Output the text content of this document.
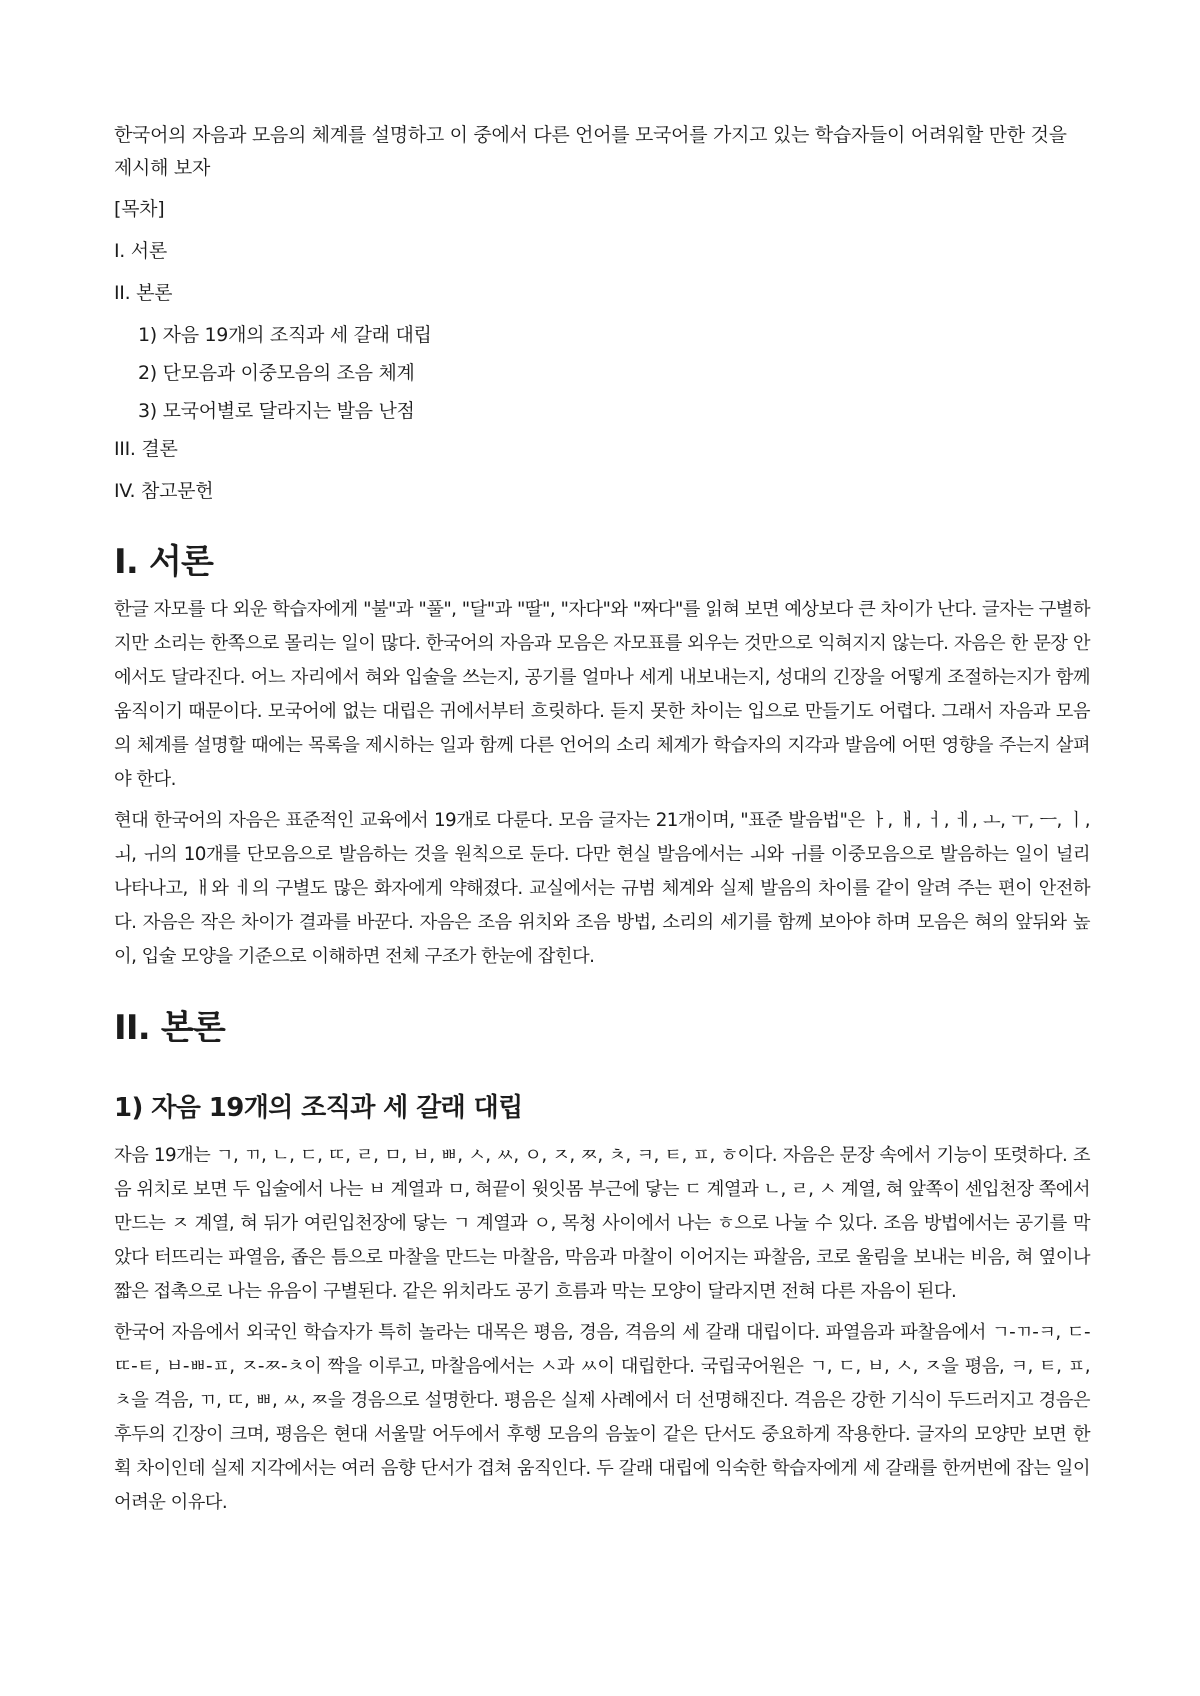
한국어의 자음과 모음의 체계를 설명하고 이 중에서 다른 언어를 모국어를 가지고 있는 학습자들이 어려워할 만한 것을 제시해 보자

[목차]

I. 서론

II. 본론

1) 자음 19개의 조직과 세 갈래 대립

2) 단모음과 이중모음의 조음 체계

3) 모국어별로 달라지는 발음 난점

III. 결론

IV. 참고문헌

I. 서론

한글 자모를 다 외운 학습자에게 "불"과 "풀", "달"과 "딸", "자다"와 "짜다"를 읽혀 보면 예상보다 큰 차이가 난다. 글자는 구별하지만 소리는 한쪽으로 몰리는 일이 많다. 한국어의 자음과 모음은 자모표를 외우는 것만으로 익혀지지 않는다. 자음은 한 문장 안에서도 달라진다. 어느 자리에서 혀와 입술을 쓰는지, 공기를 얼마나 세게 내보내는지, 성대의 긴장을 어떻게 조절하는지가 함께 움직이기 때문이다. 모국어에 없는 대립은 귀에서부터 흐릿하다. 듣지 못한 차이는 입으로 만들기도 어렵다. 그래서 자음과 모음의 체계를 설명할 때에는 목록을 제시하는 일과 함께 다른 언어의 소리 체계가 학습자의 지각과 발음에 어떤 영향을 주는지 살펴야 한다.

현대 한국어의 자음은 표준적인 교육에서 19개로 다룬다. 모음 글자는 21개이며, "표준 발음법"은 ㅏ, ㅐ, ㅓ, ㅔ, ㅗ, ㅜ, ㅡ, ㅣ, ㅚ, ㅟ의 10개를 단모음으로 발음하는 것을 원칙으로 둔다. 다만 현실 발음에서는 ㅚ와 ㅟ를 이중모음으로 발음하는 일이 널리 나타나고, ㅐ와 ㅔ의 구별도 많은 화자에게 약해졌다. 교실에서는 규범 체계와 실제 발음의 차이를 같이 알려 주는 편이 안전하다. 자음은 작은 차이가 결과를 바꾼다. 자음은 조음 위치와 조음 방법, 소리의 세기를 함께 보아야 하며 모음은 혀의 앞뒤와 높이, 입술 모양을 기준으로 이해하면 전체 구조가 한눈에 잡힌다.

II. 본론
1) 자음 19개의 조직과 세 갈래 대립

자음 19개는 ㄱ, ㄲ, ㄴ, ㄷ, ㄸ, ㄹ, ㅁ, ㅂ, ㅃ, ㅅ, ㅆ, ㅇ, ㅈ, ㅉ, ㅊ, ㅋ, ㅌ, ㅍ, ㅎ이다. 자음은 문장 속에서 기능이 또렷하다. 조음 위치로 보면 두 입술에서 나는 ㅂ 계열과 ㅁ, 혀끝이 윗잇몸 부근에 닿는 ㄷ 계열과 ㄴ, ㄹ, ㅅ 계열, 혀 앞쪽이 센입천장 쪽에서 만드는 ㅈ 계열, 혀 뒤가 여린입천장에 닿는 ㄱ 계열과 ㅇ, 목청 사이에서 나는 ㅎ으로 나눌 수 있다. 조음 방법에서는 공기를 막았다 터뜨리는 파열음, 좁은 틈으로 마찰을 만드는 마찰음, 막음과 마찰이 이어지는 파찰음, 코로 울림을 보내는 비음, 혀 옆이나 짧은 접촉으로 나는 유음이 구별된다. 같은 위치라도 공기 흐름과 막는 모양이 달라지면 전혀 다른 자음이 된다.

한국어 자음에서 외국인 학습자가 특히 놀라는 대목은 평음, 경음, 격음의 세 갈래 대립이다. 파열음과 파찰음에서 ㄱ-ㄲ-ㅋ, ㄷ-ㄸ-ㅌ, ㅂ-ㅃ-ㅍ, ㅈ-ㅉ-ㅊ이 짝을 이루고, 마찰음에서는 ㅅ과 ㅆ이 대립한다. 국립국어원은 ㄱ, ㄷ, ㅂ, ㅅ, ㅈ을 평음, ㅋ, ㅌ, ㅍ, ㅊ을 격음, ㄲ, ㄸ, ㅃ, ㅆ, ㅉ을 경음으로 설명한다. 평음은 실제 사례에서 더 선명해진다. 격음은 강한 기식이 두드러지고 경음은 후두의 긴장이 크며, 평음은 현대 서울말 어두에서 후행 모음의 음높이 같은 단서도 중요하게 작용한다. 글자의 모양만 보면 한 획 차이인데 실제 지각에서는 여러 음향 단서가 겹쳐 움직인다. 두 갈래 대립에 익숙한 학습자에게 세 갈래를 한꺼번에 잡는 일이 어려운 이유다.
